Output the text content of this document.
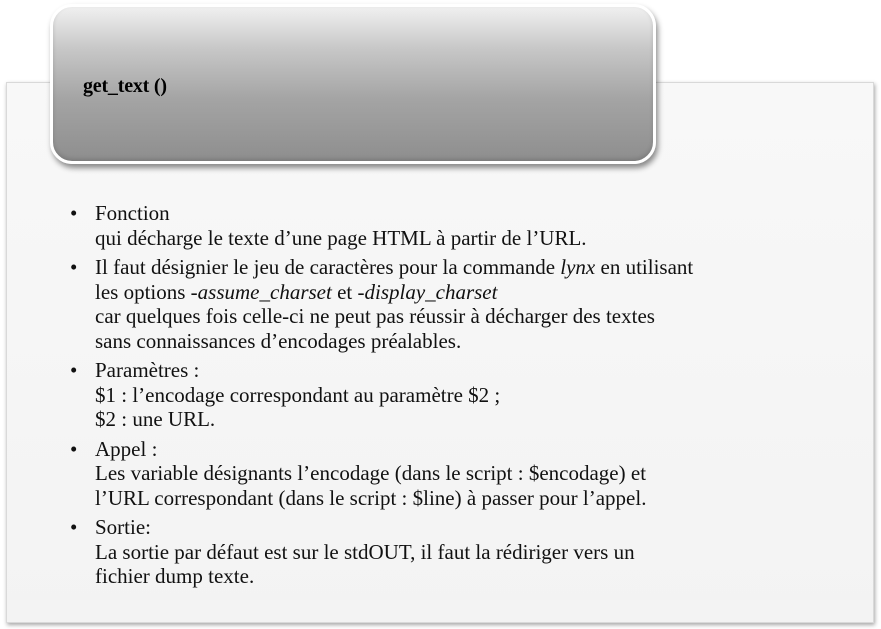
get_text ()
• Fonction
qui décharge le texte d’une page HTML à partir de l’URL.
• Il faut désignier le jeu de caractères pour la commande lynx en utilisant
les options -assume_charset et -display_charset
car quelques fois celle-ci ne peut pas réussir à décharger des textes
sans connaissances d’encodages préalables.
• Paramètres :
$1 : l’encodage correspondant au paramètre $2 ;
$2 : une URL.
• Appel :
Les variable désignants l’encodage (dans le script : $encodage) et
l’URL correspondant (dans le script : $line) à passer pour l’appel.
• Sortie:
La sortie par défaut est sur le stdOUT, il faut la rédiriger vers un
fichier dump texte.
